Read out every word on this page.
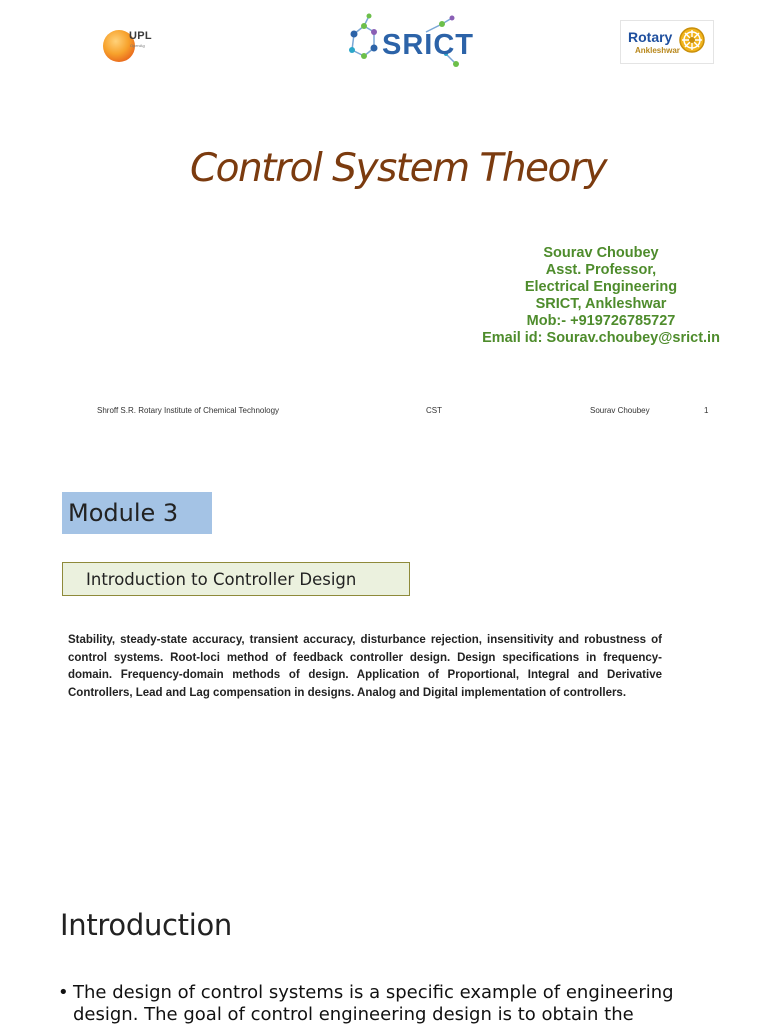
UPL
OpenAg	SRICT	Rotary
Ankleshwar
Control System Theory
Sourav Choubey
Asst. Professor,
Electrical Engineering
SRICT, Ankleshwar
Mob:- +919726785727
Email id: Sourav.choubey@srict.in
Shroff S.R. Rotary Institute of Chemical Technology	CST	Sourav Choubey	1
Module 3
Introduction to Controller Design
Stability, steady-state accuracy, transient accuracy, disturbance rejection, insensitivity and robustness of control systems. Root-loci method of feedback controller design. Design specifications in frequency-domain. Frequency-domain methods of design. Application of Proportional, Integral and Derivative Controllers, Lead and Lag compensation in designs. Analog and Digital implementation of controllers.
Introduction
• The design of control systems is a specific example of engineering design. The goal of control engineering design is to obtain the
